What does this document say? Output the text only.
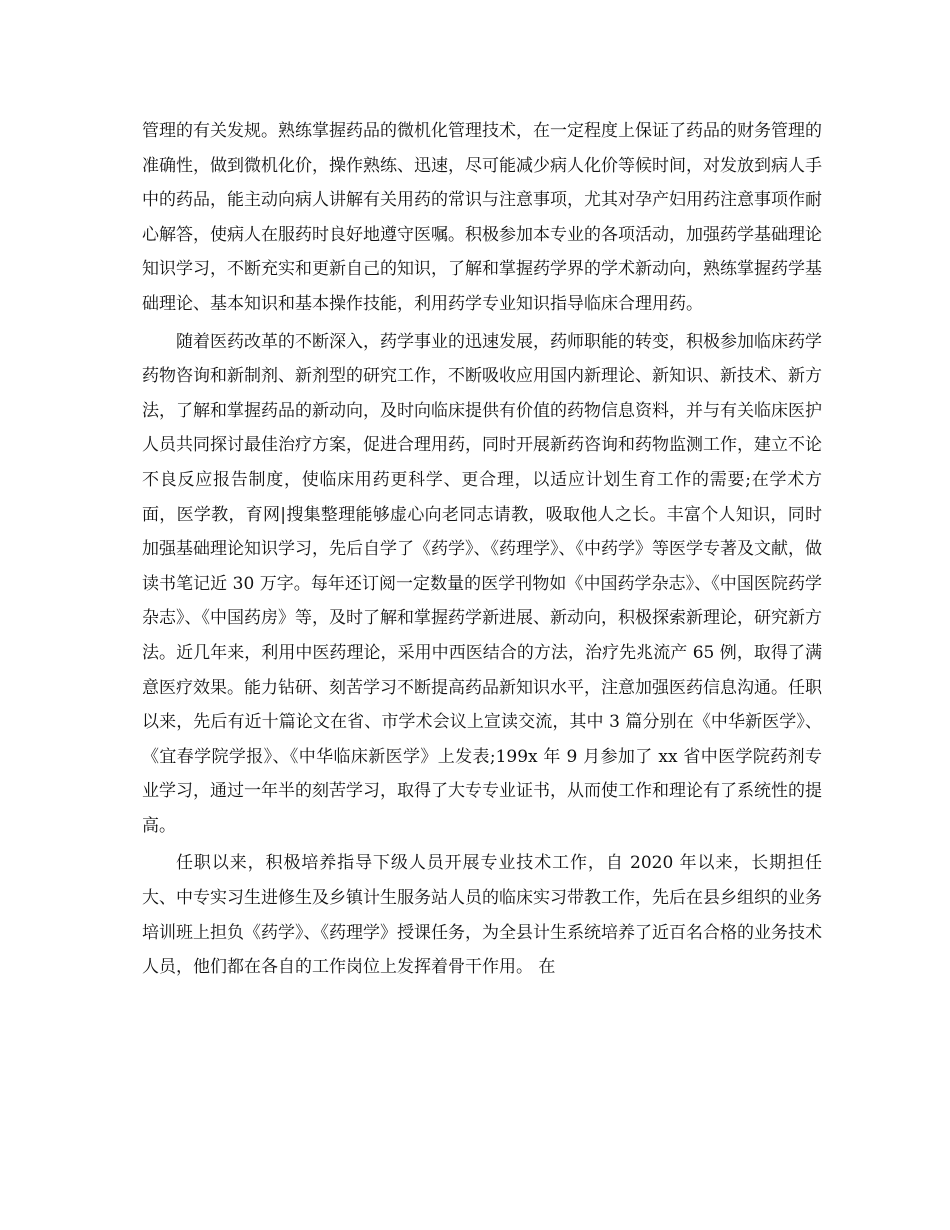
管理的有关发规。熟练掌握药品的微机化管理技术，在一定程度上保证了药品的财务管理的准确性，做到微机化价，操作熟练、迅速，尽可能减少病人化价等候时间，对发放到病人手中的药品，能主动向病人讲解有关用药的常识与注意事项，尤其对孕产妇用药注意事项作耐心解答，使病人在服药时良好地遵守医嘱。积极参加本专业的各项活动，加强药学基础理论知识学习，不断充实和更新自己的知识，了解和掌握药学界的学术新动向，熟练掌握药学基础理论、基本知识和基本操作技能，利用药学专业知识指导临床合理用药。

随着医药改革的不断深入，药学事业的迅速发展，药师职能的转变，积极参加临床药学药物咨询和新制剂、新剂型的研究工作，不断吸收应用国内新理论、新知识、新技术、新方法，了解和掌握药品的新动向，及时向临床提供有价值的药物信息资料，并与有关临床医护人员共同探讨最佳治疗方案，促进合理用药，同时开展新药咨询和药物监测工作，建立不论不良反应报告制度，使临床用药更科学、更合理，以适应计划生育工作的需要;在学术方面，医学教，育网|搜集整理能够虚心向老同志请教，吸取他人之长。丰富个人知识，同时加强基础理论知识学习，先后自学了《药学》、《药理学》、《中药学》等医学专著及文献，做读书笔记近 30 万字。每年还订阅一定数量的医学刊物如《中国药学杂志》、《中国医院药学杂志》、《中国药房》等，及时了解和掌握药学新进展、新动向，积极探索新理论，研究新方法。近几年来，利用中医药理论，采用中西医结合的方法，治疗先兆流产 65 例，取得了满意医疗效果。能力钻研、刻苦学习不断提高药品新知识水平，注意加强医药信息沟通。任职以来，先后有近十篇论文在省、市学术会议上宣读交流，其中 3 篇分别在《中华新医学》、《宜春学院学报》、《中华临床新医学》上发表;199x 年 9 月参加了 xx 省中医学院药剂专业学习，通过一年半的刻苦学习，取得了大专专业证书，从而使工作和理论有了系统性的提高。

任职以来，积极培养指导下级人员开展专业技术工作，自 2020 年以来，长期担任大、中专实习生进修生及乡镇计生服务站人员的临床实习带教工作，先后在县乡组织的业务培训班上担负《药学》、《药理学》授课任务，为全县计生系统培养了近百名合格的业务技术人员，他们都在各自的工作岗位上发挥着骨干作用。 在
